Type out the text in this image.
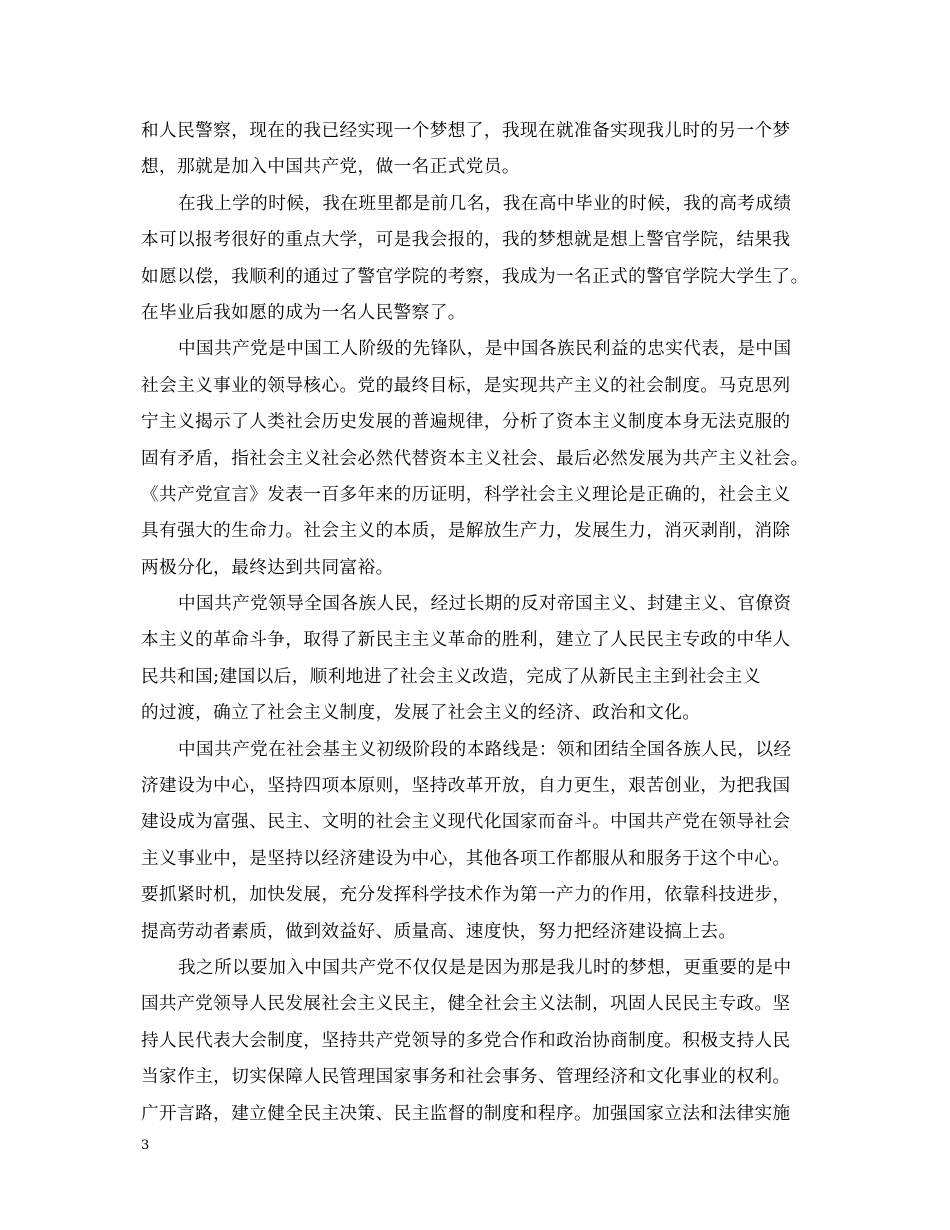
和人民警察，现在的我已经实现一个梦想了，我现在就准备实现我儿时的另一个梦
想，那就是加入中国共产党，做一名正式党员。
在我上学的时候，我在班里都是前几名，我在高中毕业的时候，我的高考成绩
本可以报考很好的重点大学，可是我会报的，我的梦想就是想上警官学院，结果我
如愿以偿，我顺利的通过了警官学院的考察，我成为一名正式的警官学院大学生了。
在毕业后我如愿的成为一名人民警察了。
中国共产党是中国工人阶级的先锋队，是中国各族民利益的忠实代表，是中国
社会主义事业的领导核心。党的最终目标，是实现共产主义的社会制度。马克思列
宁主义揭示了人类社会历史发展的普遍规律，分析了资本主义制度本身无法克服的
固有矛盾，指社会主义社会必然代替资本主义社会、最后必然发展为共产主义社会。
《共产党宣言》发表一百多年来的历证明，科学社会主义理论是正确的，社会主义
具有强大的生命力。社会主义的本质，是解放生产力，发展生力，消灭剥削，消除
两极分化，最终达到共同富裕。
中国共产党领导全国各族人民，经过长期的反对帝国主义、封建主义、官僚资
本主义的革命斗争，取得了新民主主义革命的胜利，建立了人民民主专政的中华人
民共和国;建国以后，顺利地进了社会主义改造，完成了从新民主主到社会主义
的过渡，确立了社会主义制度，发展了社会主义的经济、政治和文化。
中国共产党在社会基主义初级阶段的本路线是：领和团结全国各族人民，以经
济建设为中心，坚持四项本原则，坚持改革开放，自力更生，艰苦创业，为把我国
建设成为富强、民主、文明的社会主义现代化国家而奋斗。中国共产党在领导社会
主义事业中，是坚持以经济建设为中心，其他各项工作都服从和服务于这个中心。
要抓紧时机，加快发展，充分发挥科学技术作为第一产力的作用，依靠科技进步，
提高劳动者素质，做到效益好、质量高、速度快，努力把经济建设搞上去。
我之所以要加入中国共产党不仅仅是是因为那是我儿时的梦想，更重要的是中
国共产党领导人民发展社会主义民主，健全社会主义法制，巩固人民民主专政。坚
持人民代表大会制度，坚持共产党领导的多党合作和政治协商制度。积极支持人民
当家作主，切实保障人民管理国家事务和社会事务、管理经济和文化事业的权利。
广开言路，建立健全民主决策、民主监督的制度和程序。加强国家立法和法律实施
3
